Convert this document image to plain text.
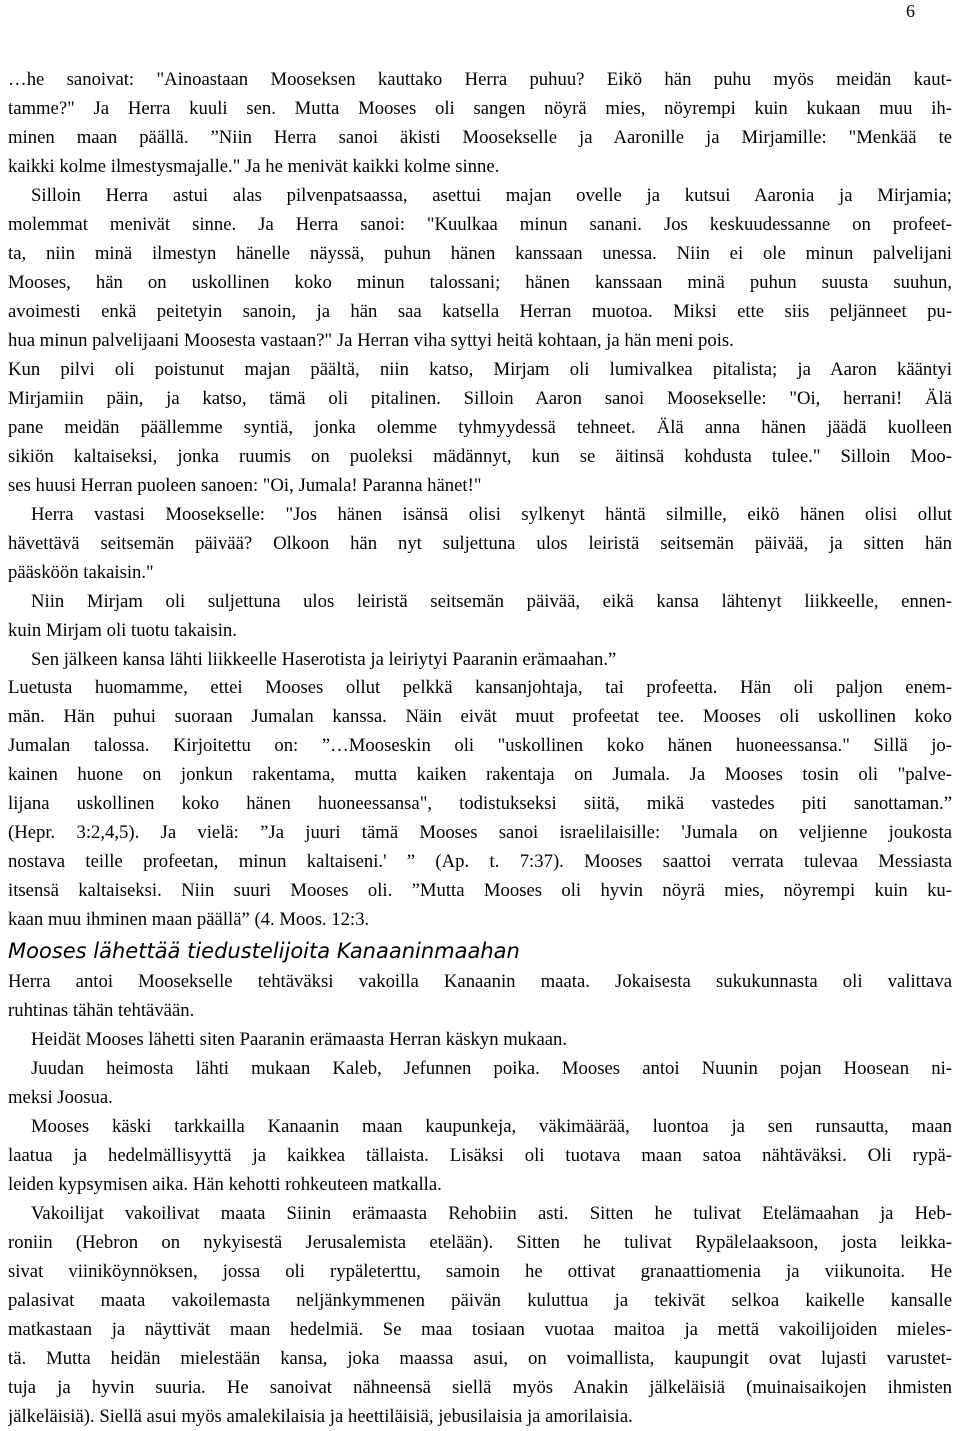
6
…he sanoivat: "Ainoastaan Mooseksen kauttako Herra puhuu? Eikö hän puhu myös meidän kaut-
tamme?" Ja Herra kuuli sen. Mutta Mooses oli sangen nöyrä mies, nöyrempi kuin kukaan muu ih-
minen maan päällä. ”Niin Herra sanoi äkisti Moosekselle ja Aaronille ja Mirjamille: "Menkää te
kaikki kolme ilmestysmajalle." Ja he menivät kaikki kolme sinne.
Silloin Herra astui alas pilvenpatsaassa, asettui majan ovelle ja kutsui Aaronia ja Mirjamia;
molemmat menivät sinne. Ja Herra sanoi: "Kuulkaa minun sanani. Jos keskuudessanne on profeet-
ta, niin minä ilmestyn hänelle näyssä, puhun hänen kanssaan unessa. Niin ei ole minun palvelijani
Mooses, hän on uskollinen koko minun talossani; hänen kanssaan minä puhun suusta suuhun,
avoimesti enkä peitetyin sanoin, ja hän saa katsella Herran muotoa. Miksi ette siis peljänneet pu-
hua minun palvelijaani Moosesta vastaan?" Ja Herran viha syttyi heitä kohtaan, ja hän meni pois.
Kun pilvi oli poistunut majan päältä, niin katso, Mirjam oli lumivalkea pitalista; ja Aaron kääntyi
Mirjamiin päin, ja katso, tämä oli pitalinen. Silloin Aaron sanoi Moosekselle: "Oi, herrani! Älä
pane meidän päällemme syntiä, jonka olemme tyhmyydessä tehneet. Älä anna hänen jäädä kuolleen
sikiön kaltaiseksi, jonka ruumis on puoleksi mädännyt, kun se äitinsä kohdusta tulee." Silloin Moo-
ses huusi Herran puoleen sanoen: "Oi, Jumala! Paranna hänet!"
Herra vastasi Moosekselle: "Jos hänen isänsä olisi sylkenyt häntä silmille, eikö hänen olisi ollut
hävettävä seitsemän päivää? Olkoon hän nyt suljettuna ulos leiristä seitsemän päivää, ja sitten hän
pääsköön takaisin."
Niin Mirjam oli suljettuna ulos leiristä seitsemän päivää, eikä kansa lähtenyt liikkeelle, ennen-
kuin Mirjam oli tuotu takaisin.
Sen jälkeen kansa lähti liikkeelle Haserotista ja leiriytyi Paaranin erämaahan.”
Luetusta huomamme, ettei Mooses ollut pelkkä kansanjohtaja, tai profeetta. Hän oli paljon enem-
män. Hän puhui suoraan Jumalan kanssa. Näin eivät muut profeetat tee. Mooses oli uskollinen koko
Jumalan talossa. Kirjoitettu on: ”…Mooseskin oli "uskollinen koko hänen huoneessansa." Sillä jo-
kainen huone on jonkun rakentama, mutta kaiken rakentaja on Jumala. Ja Mooses tosin oli "palve-
lijana uskollinen koko hänen huoneessansa", todistukseksi siitä, mikä vastedes piti sanottaman.”
(Hepr. 3:2,4,5). Ja vielä: ”Ja juuri tämä Mooses sanoi israelilaisille: 'Jumala on veljienne joukosta
nostava teille profeetan, minun kaltaiseni.' ” (Ap. t. 7:37). Mooses saattoi verrata tulevaa Messiasta
itsensä kaltaiseksi. Niin suuri Mooses oli. ”Mutta Mooses oli hyvin nöyrä mies, nöyrempi kuin ku-
kaan muu ihminen maan päällä” (4. Moos. 12:3.
Mooses lähettää tiedustelijoita Kanaaninmaahan
Herra antoi Moosekselle tehtäväksi vakoilla Kanaanin maata. Jokaisesta sukukunnasta oli valittava
ruhtinas tähän tehtävään.
Heidät Mooses lähetti siten Paaranin erämaasta Herran käskyn mukaan.
Juudan heimosta lähti mukaan Kaleb, Jefunnen poika. Mooses antoi Nuunin pojan Hoosean ni-
meksi Joosua.
Mooses käski tarkkailla Kanaanin maan kaupunkeja, väkimäärää, luontoa ja sen runsautta, maan
laatua ja hedelmällisyyttä ja kaikkea tällaista. Lisäksi oli tuotava maan satoa nähtäväksi. Oli rypä-
leiden kypsymisen aika. Hän kehotti rohkeuteen matkalla.
Vakoilijat vakoilivat maata Siinin erämaasta Rehobiin asti. Sitten he tulivat Etelämaahan ja Heb-
roniin (Hebron on nykyisestä Jerusalemista etelään). Sitten he tulivat Rypälelaaksoon, josta leikka-
sivat viiniköynnöksen, jossa oli rypäleterttu, samoin he ottivat granaattiomenia ja viikunoita. He
palasivat maata vakoilemasta neljänkymmenen päivän kuluttua ja tekivät selkoa kaikelle kansalle
matkastaan ja näyttivät maan hedelmiä. Se maa tosiaan vuotaa maitoa ja mettä vakoilijoiden mieles-
tä. Mutta heidän mielestään kansa, joka maassa asui, on voimallista, kaupungit ovat lujasti varustet-
tuja ja hyvin suuria. He sanoivat nähneensä siellä myös Anakin jälkeläisiä (muinaisaikojen ihmisten
jälkeläisiä). Siellä asui myös amalekilaisia ja heettiläisiä, jebusilaisia ja amorilaisia.
